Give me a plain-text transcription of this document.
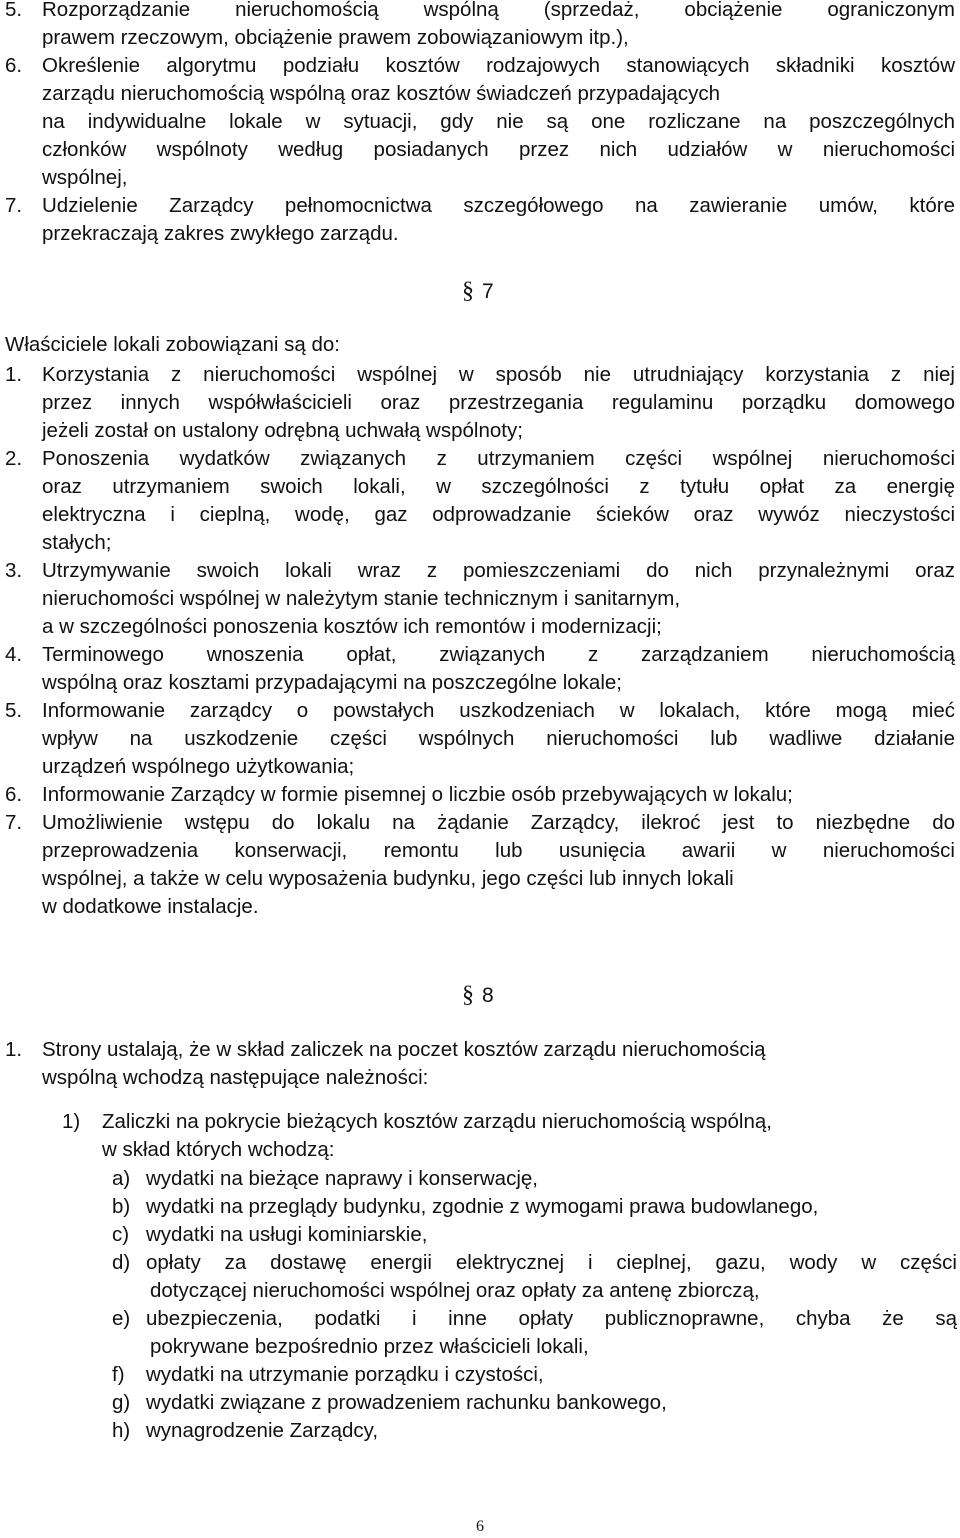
5. Rozporządzanie nieruchomością wspólną (sprzedaż, obciążenie ograniczonym
prawem rzeczowym, obciążenie prawem zobowiązaniowym itp.),
6. Określenie algorytmu podziału kosztów rodzajowych stanowiących składniki kosztów
zarządu nieruchomością wspólną oraz kosztów świadczeń przypadających
na indywidualne lokale w sytuacji, gdy nie są one rozliczane na poszczególnych
członków wspólnoty według posiadanych przez nich udziałów w nieruchomości
wspólnej,
7. Udzielenie Zarządcy pełnomocnictwa szczegółowego na zawieranie umów, które
przekraczają zakres zwykłego zarządu.
§ 7
Właściciele lokali zobowiązani są do:
1. Korzystania z nieruchomości wspólnej w sposób nie utrudniający korzystania z niej
przez innych współwłaścicieli oraz przestrzegania regulaminu porządku domowego
jeżeli został on ustalony odrębną uchwałą wspólnoty;
2. Ponoszenia wydatków związanych z utrzymaniem części wspólnej nieruchomości
oraz utrzymaniem swoich lokali, w szczególności z tytułu opłat za energię
elektryczna i cieplną, wodę, gaz odprowadzanie ścieków oraz wywóz nieczystości
stałych;
3. Utrzymywanie swoich lokali wraz z pomieszczeniami do nich przynależnymi oraz
nieruchomości wspólnej w należytym stanie technicznym i sanitarnym,
a w szczególności ponoszenia kosztów ich remontów i modernizacji;
4. Terminowego wnoszenia opłat, związanych z zarządzaniem nieruchomością
wspólną oraz kosztami przypadającymi na poszczególne lokale;
5. Informowanie zarządcy o powstałych uszkodzeniach w lokalach, które mogą mieć
wpływ na uszkodzenie części wspólnych nieruchomości lub wadliwe działanie
urządzeń wspólnego użytkowania;
6. Informowanie Zarządcy w formie pisemnej o liczbie osób przebywających w lokalu;
7. Umożliwienie wstępu do lokalu na żądanie Zarządcy, ilekroć jest to niezbędne do
przeprowadzenia konserwacji, remontu lub usunięcia awarii w nieruchomości
wspólnej, a także w celu wyposażenia budynku, jego części lub innych lokali
w dodatkowe instalacje.
§ 8
1. Strony ustalają, że w skład zaliczek na poczet kosztów zarządu nieruchomością
wspólną wchodzą następujące należności:
1) Zaliczki na pokrycie bieżących kosztów zarządu nieruchomością wspólną,
w skład których wchodzą:
a) wydatki na bieżące naprawy i konserwację,
b) wydatki na przeglądy budynku, zgodnie z wymogami prawa budowlanego,
c) wydatki na usługi kominiarskie,
d) opłaty za dostawę energii elektrycznej i cieplnej, gazu, wody w części
dotyczącej nieruchomości wspólnej oraz opłaty za antenę zbiorczą,
e) ubezpieczenia, podatki i inne opłaty publicznoprawne, chyba że są
pokrywane bezpośrednio przez właścicieli lokali,
f) wydatki na utrzymanie porządku i czystości,
g) wydatki związane z prowadzeniem rachunku bankowego,
h) wynagrodzenie Zarządcy,
6
